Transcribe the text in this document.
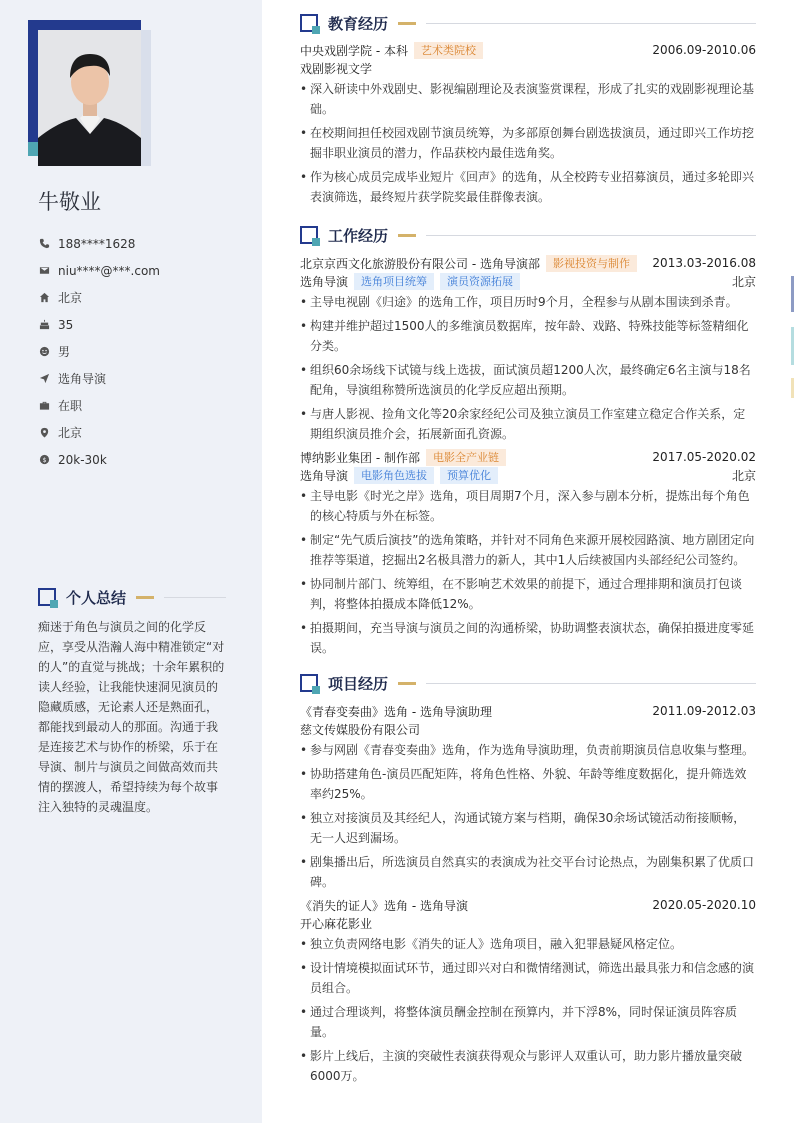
牛敬业
188****1628
niu****@***.com
北京
35
男
选角导演
在职
北京
$ 20k-30k
个人总结
痴迷于角色与演员之间的化学反应，享受从浩瀚人海中精准锁定“对的人”的直觉与挑战；十余年累积的读人经验，让我能快速洞见演员的隐藏质感，无论素人还是熟面孔，都能找到最动人的那面。沟通于我是连接艺术与协作的桥梁，乐于在导演、制片与演员之间做高效而共情的摆渡人，希望持续为每个故事注入独特的灵魂温度。
教育经历
中央戏剧学院 - 本科	艺术类院校	2006.09-2010.06
戏剧影视文学
• 深入研读中外戏剧史、影视编剧理论及表演鉴赏课程，形成了扎实的戏剧影视理论基础。
• 在校期间担任校园戏剧节演员统筹，为多部原创舞台剧选拔演员，通过即兴工作坊挖掘非职业演员的潜力，作品获校内最佳选角奖。
• 作为核心成员完成毕业短片《回声》的选角，从全校跨专业招募演员，通过多轮即兴表演筛选，最终短片获学院奖最佳群像表演。
工作经历
北京京西文化旅游股份有限公司 - 选角导演部	影视投资与制作	2013.03-2016.08
选角导演	选角项目统筹	演员资源拓展	北京
• 主导电视剧《归途》的选角工作，项目历时9个月，全程参与从剧本围读到杀青。
• 构建并维护超过1500人的多维演员数据库，按年龄、戏路、特殊技能等标签精细化分类。
• 组织60余场线下试镜与线上选拔，面试演员超1200人次，最终确定6名主演与18名配角，导演组称赞所选演员的化学反应超出预期。
• 与唐人影视、捡角文化等20余家经纪公司及独立演员工作室建立稳定合作关系，定期组织演员推介会，拓展新面孔资源。
博纳影业集团 - 制作部	电影全产业链	2017.05-2020.02
选角导演	电影角色选拔	预算优化	北京
• 主导电影《时光之岸》选角，项目周期7个月，深入参与剧本分析，提炼出每个角色的核心特质与外在标签。
• 制定“先气质后演技”的选角策略，并针对不同角色来源开展校园路演、地方剧团定向推荐等渠道，挖掘出2名极具潜力的新人，其中1人后续被国内头部经纪公司签约。
• 协同制片部门、统筹组，在不影响艺术效果的前提下，通过合理排期和演员打包谈判，将整体拍摄成本降低12%。
• 拍摄期间，充当导演与演员之间的沟通桥梁，协助调整表演状态，确保拍摄进度零延误。
项目经历
《青春变奏曲》选角 - 选角导演助理	2011.09-2012.03
慈文传媒股份有限公司
• 参与网剧《青春变奏曲》选角，作为选角导演助理，负责前期演员信息收集与整理。
• 协助搭建角色-演员匹配矩阵，将角色性格、外貌、年龄等维度数据化，提升筛选效率约25%。
• 独立对接演员及其经纪人，沟通试镜方案与档期，确保30余场试镜活动衔接顺畅，无一人迟到漏场。
• 剧集播出后，所选演员自然真实的表演成为社交平台讨论热点，为剧集积累了优质口碑。
《消失的证人》选角 - 选角导演	2020.05-2020.10
开心麻花影业
• 独立负责网络电影《消失的证人》选角项目，融入犯罪悬疑风格定位。
• 设计情境模拟面试环节，通过即兴对白和微情绪测试，筛选出最具张力和信念感的演员组合。
• 通过合理谈判，将整体演员酬金控制在预算内，并下浮8%，同时保证演员阵容质量。
• 影片上线后，主演的突破性表演获得观众与影评人双重认可，助力影片播放量突破6000万。
